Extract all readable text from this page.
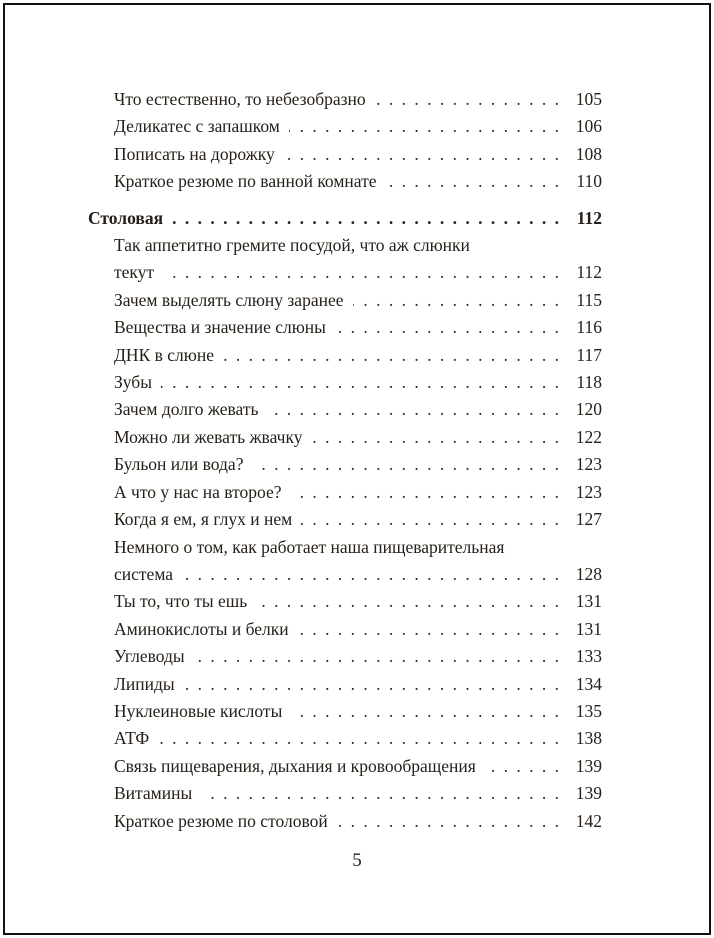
Что естественно, то небезобразно . . .	105
Деликатес с запашком . . .	106
Пописать на дорожку . . .	108
Краткое резюме по ванной комнате . . .	110
Столовая . . .	112
Так аппетитно гремите посудой, что аж слюнки
текут . . .	112
Зачем выделять слюну заранее . . .	115
Вещества и значение слюны . . .	116
ДНК в слюне . . .	117
Зубы . . .	118
Зачем долго жевать . . .	120
Можно ли жевать жвачку . . .	122
Бульон или вода? . . .	123
А что у нас на второе? . . .	123
Когда я ем, я глух и нем . . .	127
Немного о том, как работает наша пищеварительная
система . . .	128
Ты то, что ты ешь . . .	131
Аминокислоты и белки . . .	131
Углеводы . . .	133
Липиды . . .	134
Нуклеиновые кислоты . . .	135
АТФ . . .	138
Связь пищеварения, дыхания и кровообращения . . .	139
Витамины . . .	139
Краткое резюме по столовой . . .	142
5
